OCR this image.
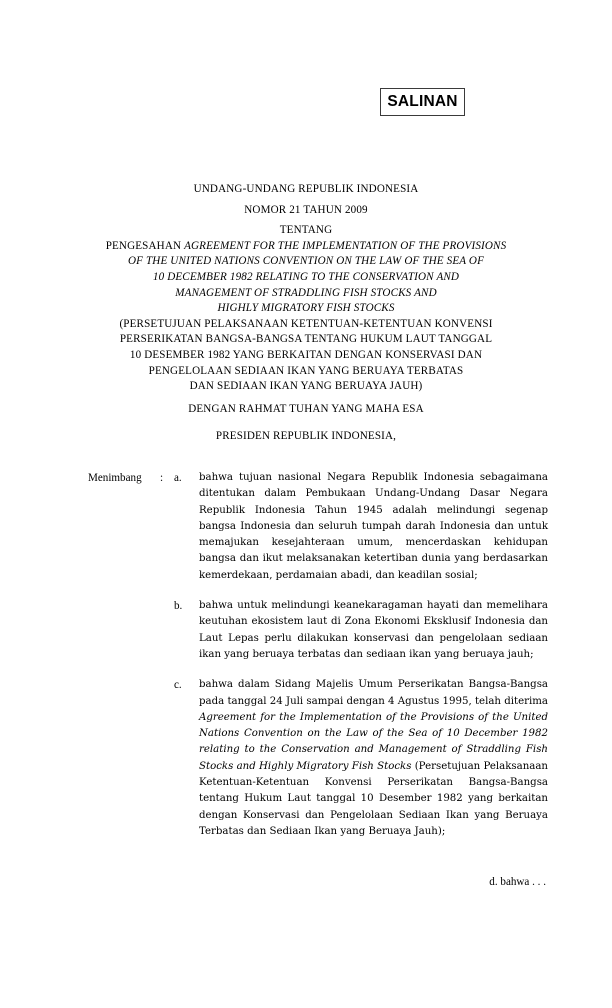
SALINAN
UNDANG-UNDANG REPUBLIK INDONESIA
NOMOR 21 TAHUN 2009
TENTANG
PENGESAHAN AGREEMENT FOR THE IMPLEMENTATION OF THE PROVISIONS
OF THE UNITED NATIONS CONVENTION ON THE LAW OF THE SEA OF
10 DECEMBER 1982 RELATING TO THE CONSERVATION AND
MANAGEMENT OF STRADDLING FISH STOCKS AND
HIGHLY MIGRATORY FISH STOCKS
(PERSETUJUAN PELAKSANAAN KETENTUAN-KETENTUAN KONVENSI
PERSERIKATAN BANGSA-BANGSA TENTANG HUKUM LAUT TANGGAL
10 DESEMBER 1982 YANG BERKAITAN DENGAN KONSERVASI DAN
PENGELOLAAN SEDIAAN IKAN YANG BERUAYA TERBATAS
DAN SEDIAAN IKAN YANG BERUAYA JAUH)
DENGAN RAHMAT TUHAN YANG MAHA ESA
PRESIDEN REPUBLIK INDONESIA,
Menimbang	: a.	bahwa tujuan nasional Negara Republik Indonesia sebagaimana ditentukan dalam Pembukaan Undang-Undang Dasar Negara Republik Indonesia Tahun 1945 adalah melindungi segenap bangsa Indonesia dan seluruh tumpah darah Indonesia dan untuk memajukan kesejahteraan umum, mencerdaskan kehidupan bangsa dan ikut melaksanakan ketertiban dunia yang berdasarkan kemerdekaan, perdamaian abadi, dan keadilan sosial;
b.	bahwa untuk melindungi keanekaragaman hayati dan memelihara keutuhan ekosistem laut di Zona Ekonomi Eksklusif Indonesia dan Laut Lepas perlu dilakukan konservasi dan pengelolaan sediaan ikan yang beruaya terbatas dan sediaan ikan yang beruaya jauh;
c.	bahwa dalam Sidang Majelis Umum Perserikatan Bangsa-Bangsa pada tanggal 24 Juli sampai dengan 4 Agustus 1995, telah diterima Agreement for the Implementation of the Provisions of the United Nations Convention on the Law of the Sea of 10 December 1982 relating to the Conservation and Management of Straddling Fish Stocks and Highly Migratory Fish Stocks (Persetujuan Pelaksanaan Ketentuan-Ketentuan Konvensi Perserikatan Bangsa-Bangsa tentang Hukum Laut tanggal 10 Desember 1982 yang berkaitan dengan Konservasi dan Pengelolaan Sediaan Ikan yang Beruaya Terbatas dan Sediaan Ikan yang Beruaya Jauh);
d. bahwa . . .
